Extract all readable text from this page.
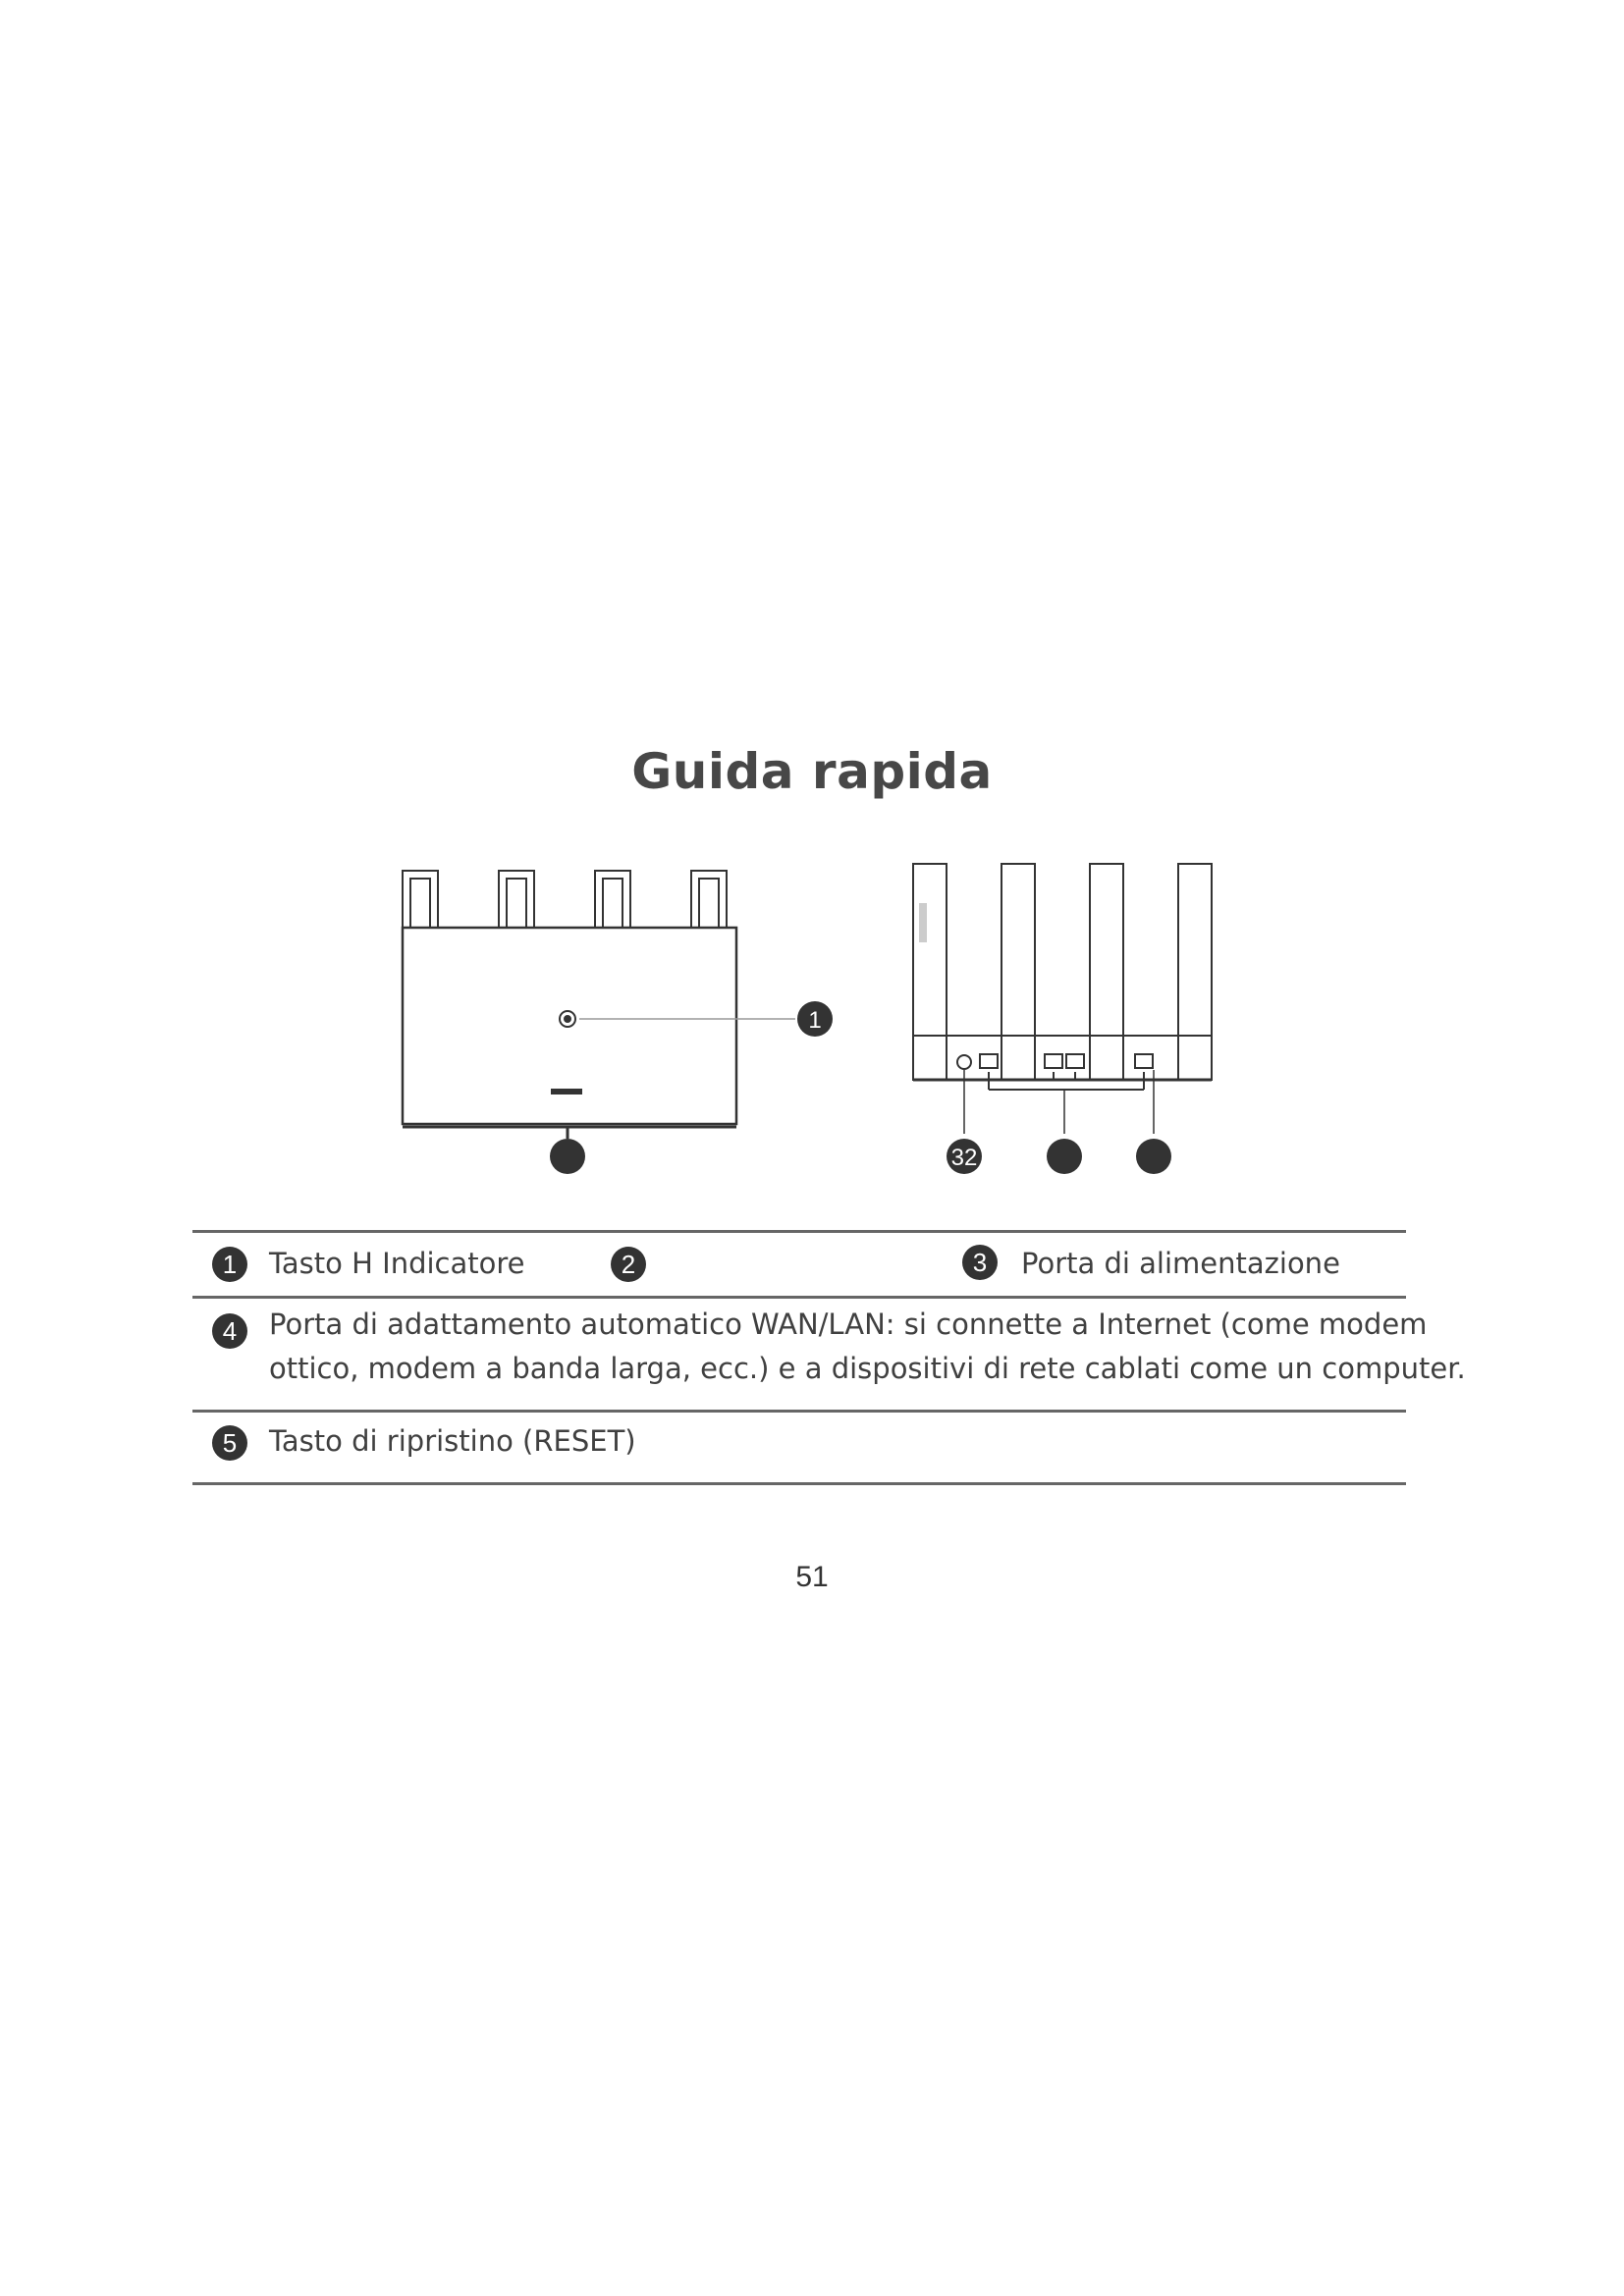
Guida rapida
1
32
1	Tasto H Indicatore	2	3	Porta di alimentazione
4	Porta di adattamento automatico WAN/LAN: si connette a Internet (come modem
ottico, modem a banda larga, ecc.) e a dispositivi di rete cablati come un computer.
5	Tasto di ripristino (RESET)
51
